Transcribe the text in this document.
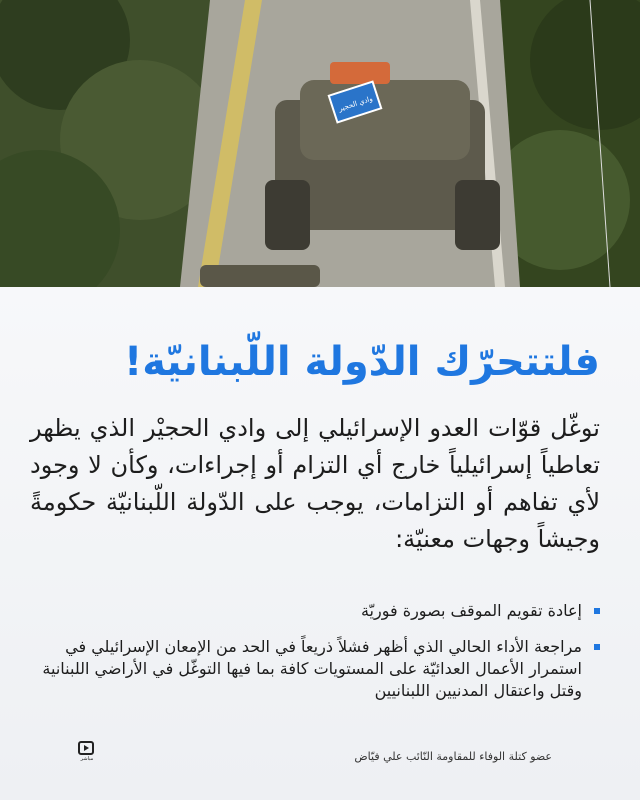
وادي الحجير
فلتتحرّك الدّولة اللّبنانيّة!

توغّل قوّات العدو الإسرائيلي إلى وادي الحجيْر الذي يظهر تعاطياً إسرائيلياً خارج أي التزام أو إجراءات، وكأن لا وجود لأي تفاهم أو التزامات، يوجب على الدّولة اللّبنانيّة حكومةً وجيشاً وجهات معنيّة:

إعادة تقويم الموقف بصورة فوريّة
مراجعة الأداء الحالي الذي أظهر فشلاً ذريعاً في الحد من الإمعان الإسرائيلي في استمرار الأعمال العدائيّة على المستويات كافة بما فيها التوغّل في الأراضي اللبنانية وقتل واعتقال المدنيين اللبنانيين

عضو كتلة الوفاء للمقاومة النّائب علي فيّاض

مباشر
